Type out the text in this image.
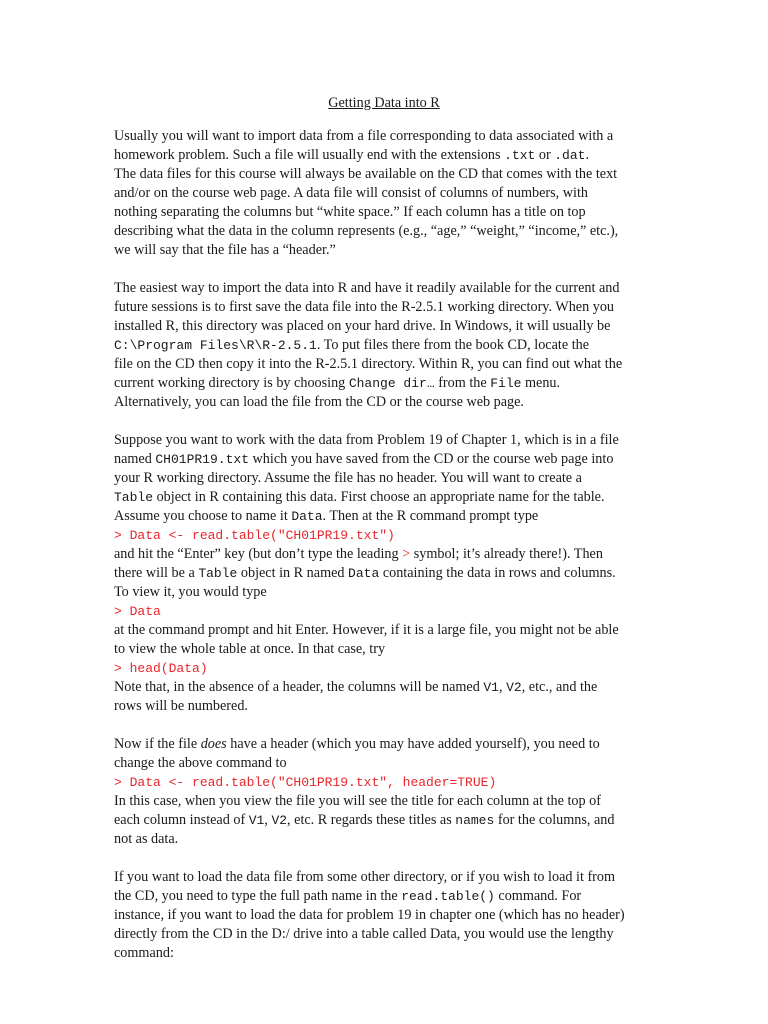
Getting Data into R
Usually you will want to import data from a file corresponding to data associated with a
homework problem. Such a file will usually end with the extensions .txt or .dat.
The data files for this course will always be available on the CD that comes with the text
and/or on the course web page. A data file will consist of columns of numbers, with
nothing separating the columns but “white space.” If each column has a title on top
describing what the data in the column represents (e.g., “age,” “weight,” “income,” etc.),
we will say that the file has a “header.”
The easiest way to import the data into R and have it readily available for the current and
future sessions is to first save the data file into the R-2.5.1 working directory. When you
installed R, this directory was placed on your hard drive. In Windows, it will usually be
C:\Program Files\R\R-2.5.1. To put files there from the book CD, locate the
file on the CD then copy it into the R-2.5.1 directory. Within R, you can find out what the
current working directory is by choosing Change dir… from the File menu.
Alternatively, you can load the file from the CD or the course web page.
Suppose you want to work with the data from Problem 19 of Chapter 1, which is in a file
named CH01PR19.txt which you have saved from the CD or the course web page into
your R working directory. Assume the file has no header. You will want to create a
Table object in R containing this data. First choose an appropriate name for the table.
Assume you choose to name it Data. Then at the R command prompt type
> Data <- read.table("CH01PR19.txt")
and hit the “Enter” key (but don’t type the leading > symbol; it’s already there!). Then
there will be a Table object in R named Data containing the data in rows and columns.
To view it, you would type
> Data
at the command prompt and hit Enter. However, if it is a large file, you might not be able
to view the whole table at once. In that case, try
> head(Data)
Note that, in the absence of a header, the columns will be named V1, V2, etc., and the
rows will be numbered.
Now if the file does have a header (which you may have added yourself), you need to
change the above command to
> Data <- read.table("CH01PR19.txt", header=TRUE)
In this case, when you view the file you will see the title for each column at the top of
each column instead of V1, V2, etc. R regards these titles as names for the columns, and
not as data.
If you want to load the data file from some other directory, or if you wish to load it from
the CD, you need to type the full path name in the read.table() command. For
instance, if you want to load the data for problem 19 in chapter one (which has no header)
directly from the CD in the D:/ drive into a table called Data, you would use the lengthy
command:
